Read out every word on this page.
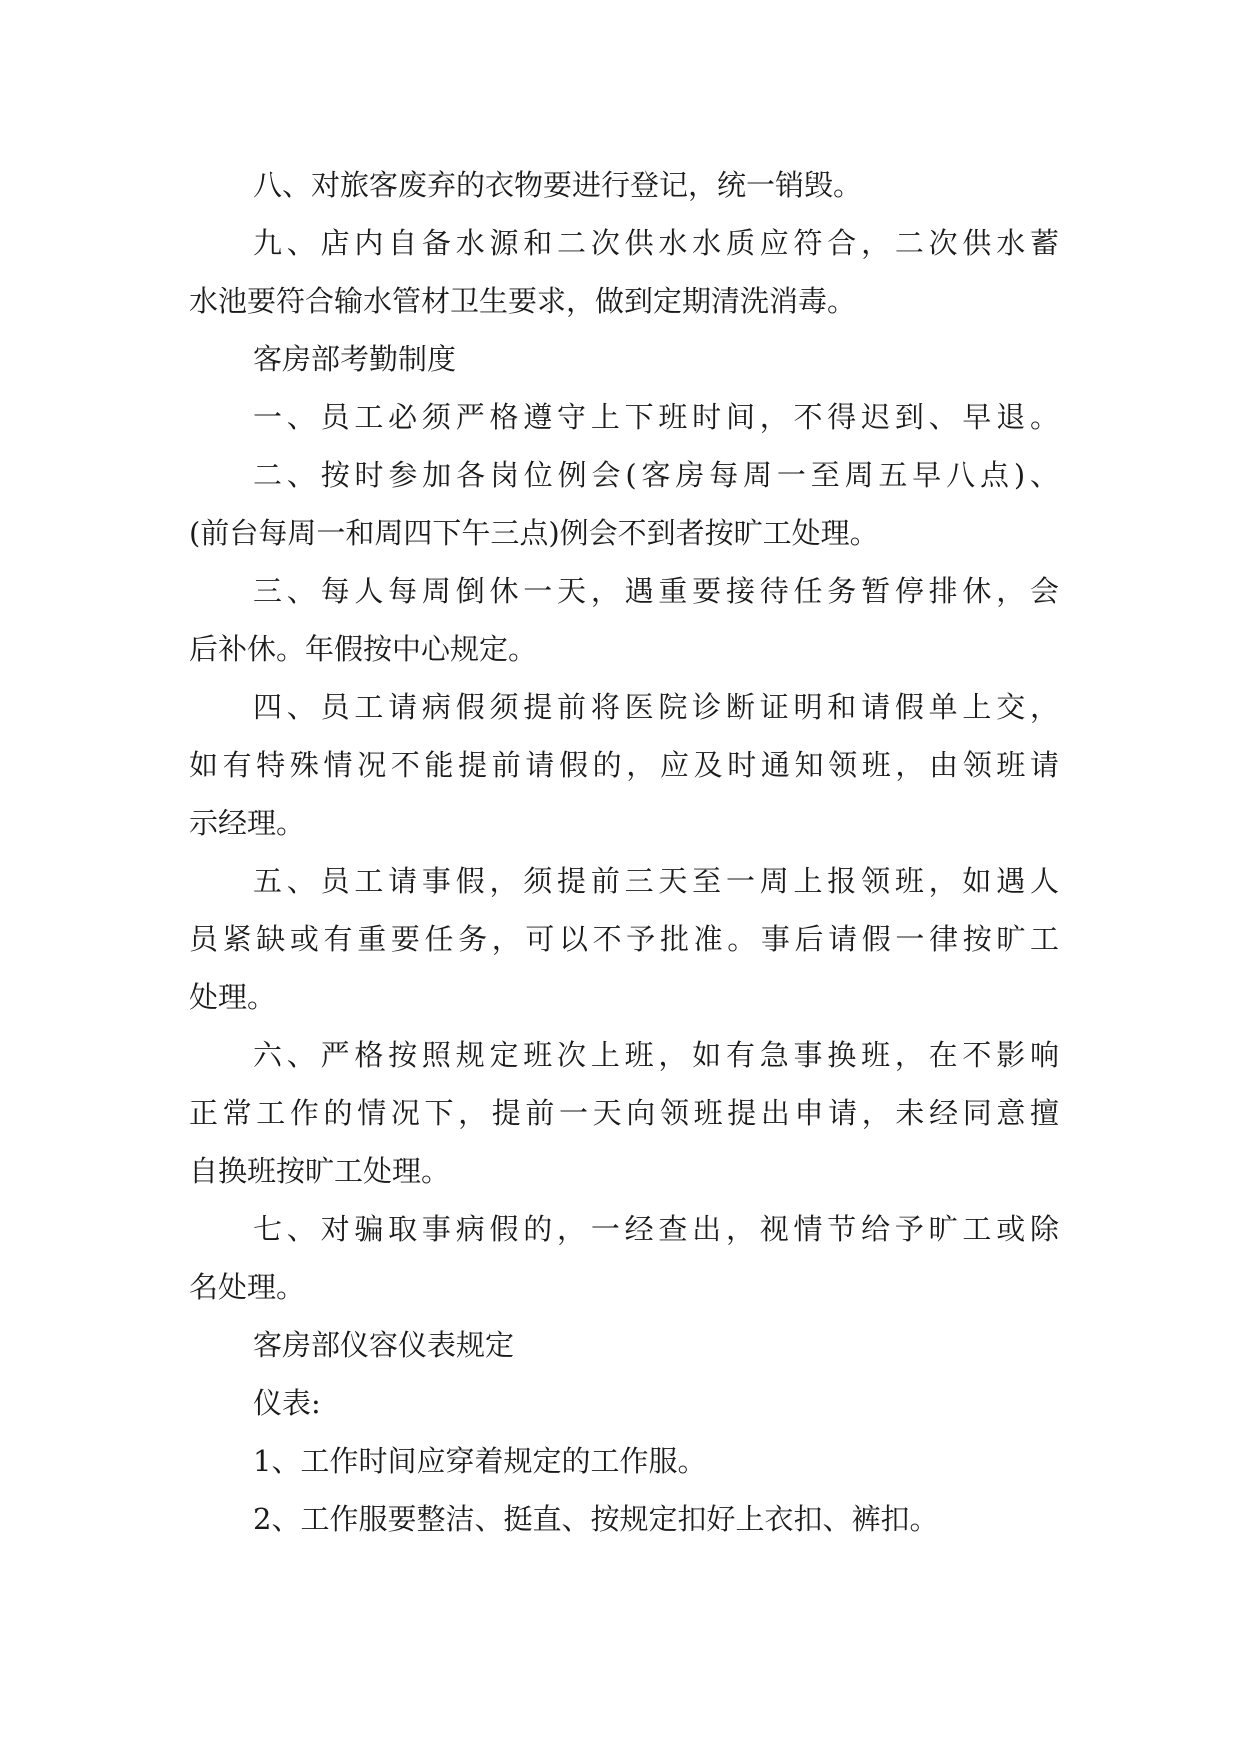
八、对旅客废弃的衣物要进行登记，统一销毁。
九、店内自备水源和二次供水水质应符合，二次供水蓄
水池要符合输水管材卫生要求，做到定期清洗消毒。
客房部考勤制度
一、员工必须严格遵守上下班时间，不得迟到、早退。
二、按时参加各岗位例会(客房每周一至周五早八点)、
(前台每周一和周四下午三点)例会不到者按旷工处理。
三、每人每周倒休一天，遇重要接待任务暂停排休，会
后补休。年假按中心规定。
四、员工请病假须提前将医院诊断证明和请假单上交，
如有特殊情况不能提前请假的，应及时通知领班，由领班请
示经理。
五、员工请事假，须提前三天至一周上报领班，如遇人
员紧缺或有重要任务，可以不予批准。事后请假一律按旷工
处理。
六、严格按照规定班次上班，如有急事换班，在不影响
正常工作的情况下，提前一天向领班提出申请，未经同意擅
自换班按旷工处理。
七、对骗取事病假的，一经查出，视情节给予旷工或除
名处理。
客房部仪容仪表规定
仪表:
1、工作时间应穿着规定的工作服。
2、工作服要整洁、挺直、按规定扣好上衣扣、裤扣。
